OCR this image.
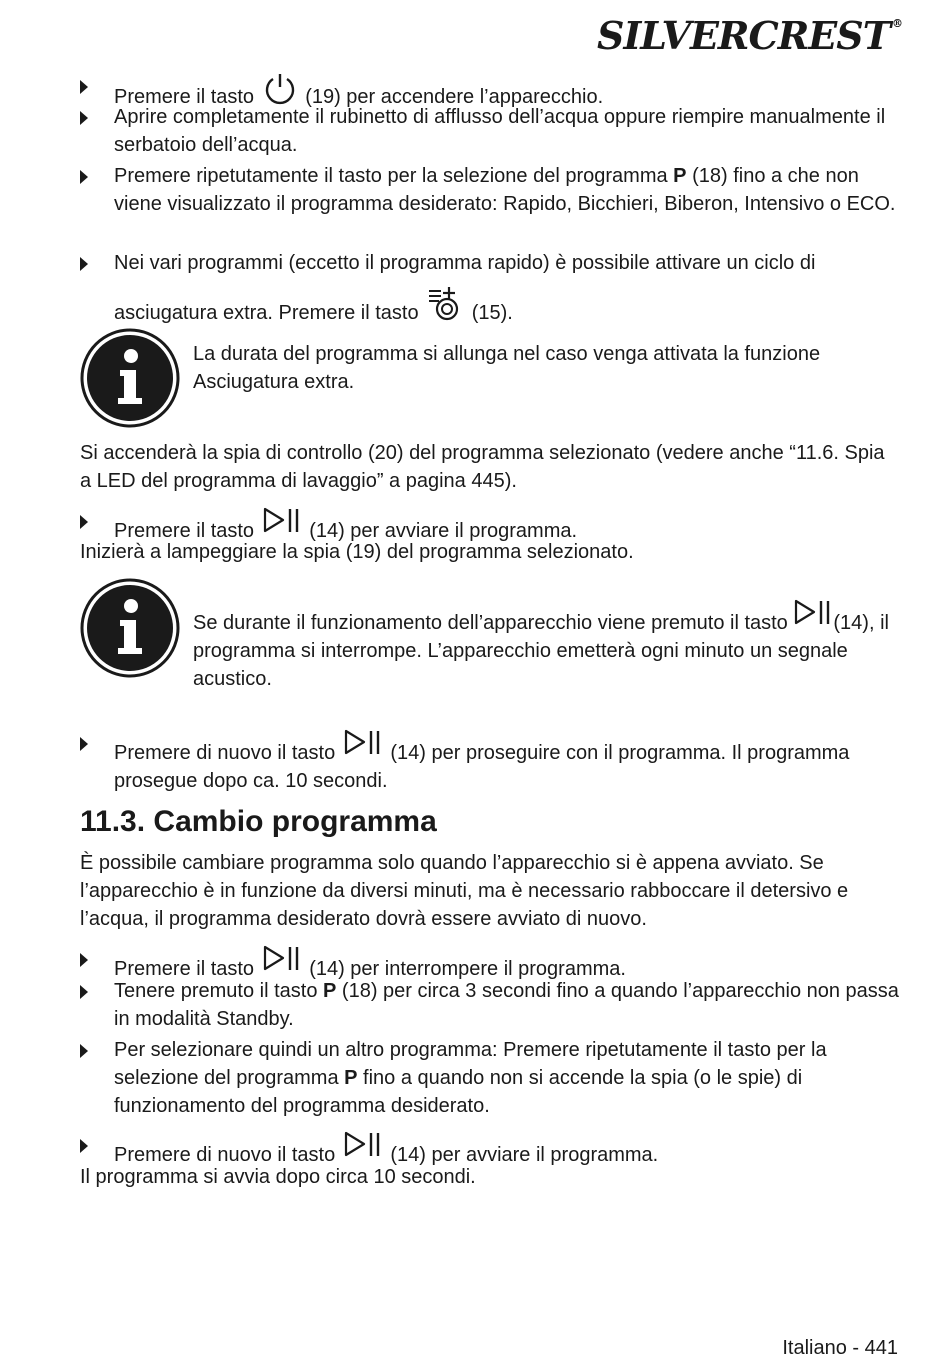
SILVERCREST ®
Premere il tasto	(19) per accendere l’apparecchio.
Aprire completamente il rubinetto di afflusso dell’acqua oppure riempire manualmente il serbatoio dell’acqua.
Premere ripetutamente il tasto per la selezione del programma P (18) fino a che non viene visualizzato il programma desiderato: Rapido, Bicchieri, Biberon, Intensivo o ECO.
Nei vari programmi (eccetto il programma rapido) è possibile attivare un ciclo di
asciugatura extra. Premere il tasto	(15).
La durata del programma si allunga nel caso venga attivata la funzione Asciugatura extra.
Si accenderà la spia di controllo (20) del programma selezionato (vedere anche “11.6. Spia a LED del programma di lavaggio” a pagina 445).
Premere il tasto	(14) per avviare il programma.
Inizierà a lampeggiare la spia (19) del programma selezionato.
Se durante il funzionamento dell’apparecchio viene premuto il tasto (14), il programma si interrompe. L’apparecchio emetterà ogni minuto un segnale acustico.
Premere di nuovo il tasto	(14) per proseguire con il programma. Il programma prosegue dopo ca. 10 secondi.
11.3. Cambio programma
È possibile cambiare programma solo quando l’apparecchio si è appena avviato. Se l’apparecchio è in funzione da diversi minuti, ma è necessario rabboccare il detersivo e l’acqua, il programma desiderato dovrà essere avviato di nuovo.
Premere il tasto	(14) per interrompere il programma.
Tenere premuto il tasto P (18) per circa 3 secondi fino a quando l’apparecchio non passa in modalità Standby.
Per selezionare quindi un altro programma: Premere ripetutamente il tasto per la selezione del programma P fino a quando non si accende la spia (o le spie) di funzionamento del programma desiderato.
Premere di nuovo il tasto	(14) per avviare il programma.
Il programma si avvia dopo circa 10 secondi.
Italiano - 441
